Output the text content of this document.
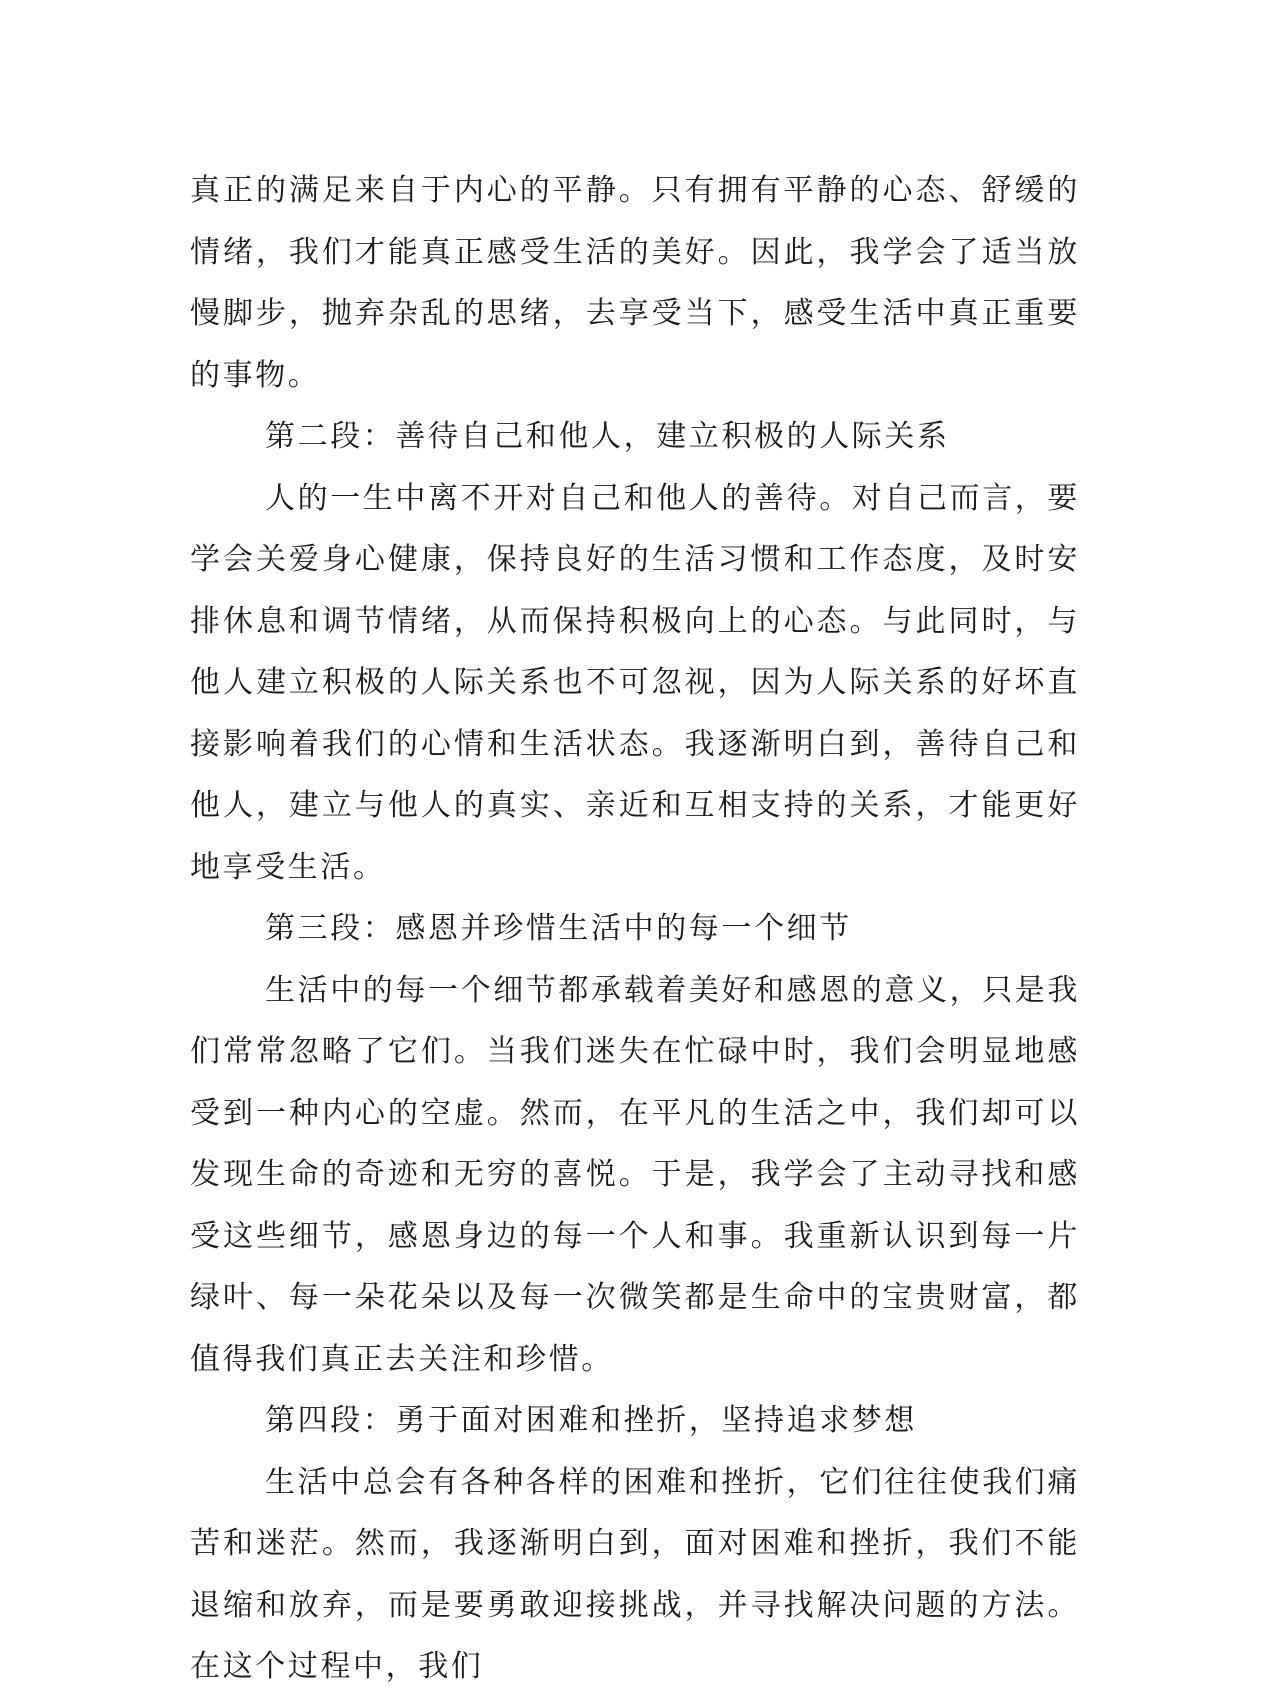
真正的满足来自于内心的平静。只有拥有平静的心态、舒缓的情绪，我们才能真正感受生活的美好。因此，我学会了适当放慢脚步，抛弃杂乱的思绪，去享受当下，感受生活中真正重要的事物。

第二段：善待自己和他人，建立积极的人际关系

人的一生中离不开对自己和他人的善待。对自己而言，要学会关爱身心健康，保持良好的生活习惯和工作态度，及时安排休息和调节情绪，从而保持积极向上的心态。与此同时，与他人建立积极的人际关系也不可忽视，因为人际关系的好坏直接影响着我们的心情和生活状态。我逐渐明白到，善待自己和他人，建立与他人的真实、亲近和互相支持的关系，才能更好地享受生活。

第三段：感恩并珍惜生活中的每一个细节

生活中的每一个细节都承载着美好和感恩的意义，只是我们常常忽略了它们。当我们迷失在忙碌中时，我们会明显地感受到一种内心的空虚。然而，在平凡的生活之中，我们却可以发现生命的奇迹和无穷的喜悦。于是，我学会了主动寻找和感受这些细节，感恩身边的每一个人和事。我重新认识到每一片绿叶、每一朵花朵以及每一次微笑都是生命中的宝贵财富，都值得我们真正去关注和珍惜。

第四段：勇于面对困难和挫折，坚持追求梦想

生活中总会有各种各样的困难和挫折，它们往往使我们痛苦和迷茫。然而，我逐渐明白到，面对困难和挫折，我们不能退缩和放弃，而是要勇敢迎接挑战，并寻找解决问题的方法。在这个过程中，我们
